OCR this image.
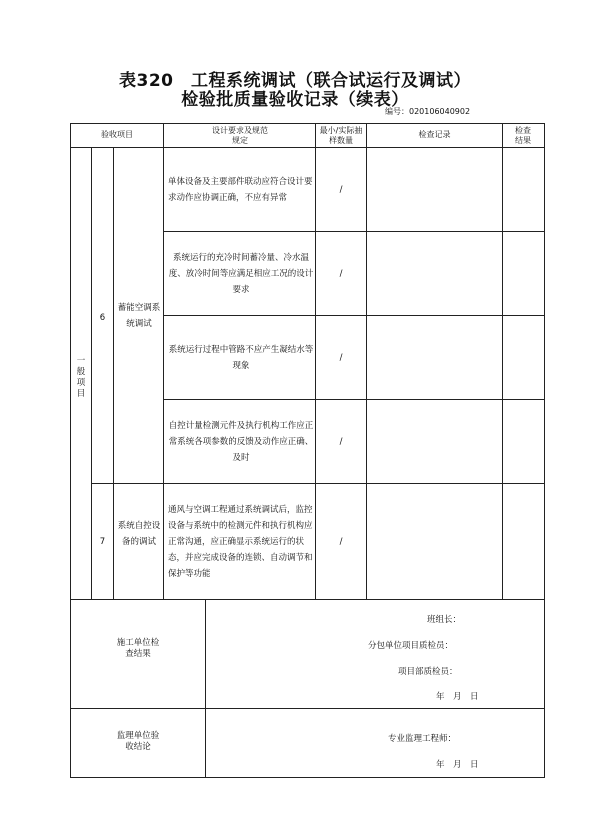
表320　工程系统调试（联合试运行及调试）
检验批质量验收记录（续表）
编号：020106040902
验收项目	设计要求及规范规定
最小/实际抽样数量
检查记录	检查结果
一般项目
6
蓄能空调系统调试
单体设备及主要部件联动应符合设计要求动作应协调正确，不应有异常
/
系统运行的充冷时间蓄冷量、冷水温度、放冷时间等应满足相应工况的设计要求
/
系统运行过程中管路不应产生凝结水等现象
/
自控计量检测元件及执行机构工作应正常系统各项参数的反馈及动作应正确、及时
/
7
系统自控设备的调试
通风与空调工程通过系统调试后，监控设备与系统中的检测元件和执行机构应正常沟通，应正确显示系统运行的状态，并应完成设备的连锁、自动调节和保护等功能
/
施工单位检查结果
班组长：
分包单位项目质检员：
项目部质检员：
年　月　日
监理单位验收结论
专业监理工程师：
年　月　日
